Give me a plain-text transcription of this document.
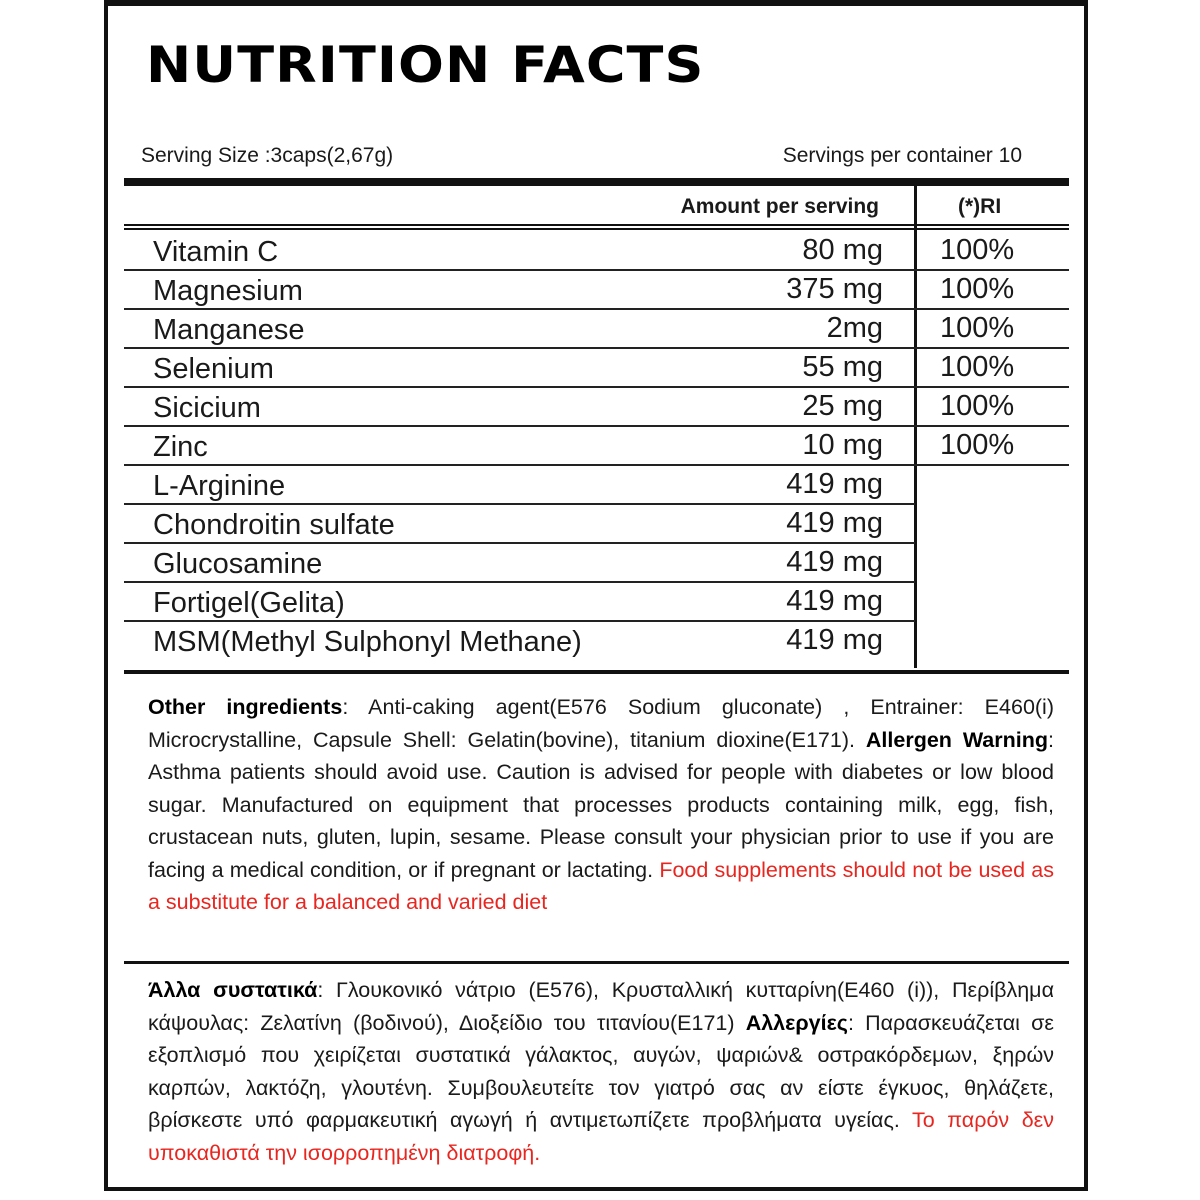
NUTRITION FACTS
Serving Size :3caps(2,67g)	Servings per container 10
Amount per serving	(*)RI
Vitamin C	80 mg 100%
Magnesium	375 mg 100%
Manganese	2mg 100%
Selenium	55 mg 100%
Sicicium	25 mg 100%
Zinc	10 mg 100%
L-Arginine	419 mg
Chondroitin sulfate	419 mg
Glucosamine	419 mg
Fortigel(Gelita)	419 mg
MSM(Methyl Sulphonyl Methane)	419 mg

Other ingredients: Anti-caking agent(E576 Sodium gluconate) , Entrainer: E460(i) Microcrystalline, Capsule Shell: Gelatin(bovine), titanium dioxine(E171). Allergen Warning: Asthma patients should avoid use. Caution is advised for people with diabetes or low blood sugar. Manufactured on equipment that processes products containing milk, egg, fish, crustacean nuts, gluten, lupin, sesame. Please consult your physician prior to use if you are facing a medical condition, or if pregnant or lactating. Food supplements should not be used as a substitute for a balanced and varied diet

Άλλα συστατικά: Γλουκονικό νάτριο (Ε576), Κρυσταλλική κυτταρίνη(Ε460 (i)), Περίβλημα κάψουλας: Ζελατίνη (βοδινού), Διοξείδιο του τιτανίου(Ε171) Αλλεργίες: Παρασκευάζεται σε εξοπλισμό που χειρίζεται συστατικά γάλακτος, αυγών, ψαριών& οστρακόρδεμων, ξηρών καρπών, λακτόζη, γλουτένη. Συμβουλευτείτε τον γιατρό σας αν είστε έγκυος, θηλάζετε, βρίσκεστε υπό φαρμακευτική αγωγή ή αντιμετωπίζετε προβλήματα υγείας. Το παρόν δεν υποκαθιστά την ισορροπημένη διατροφή.
